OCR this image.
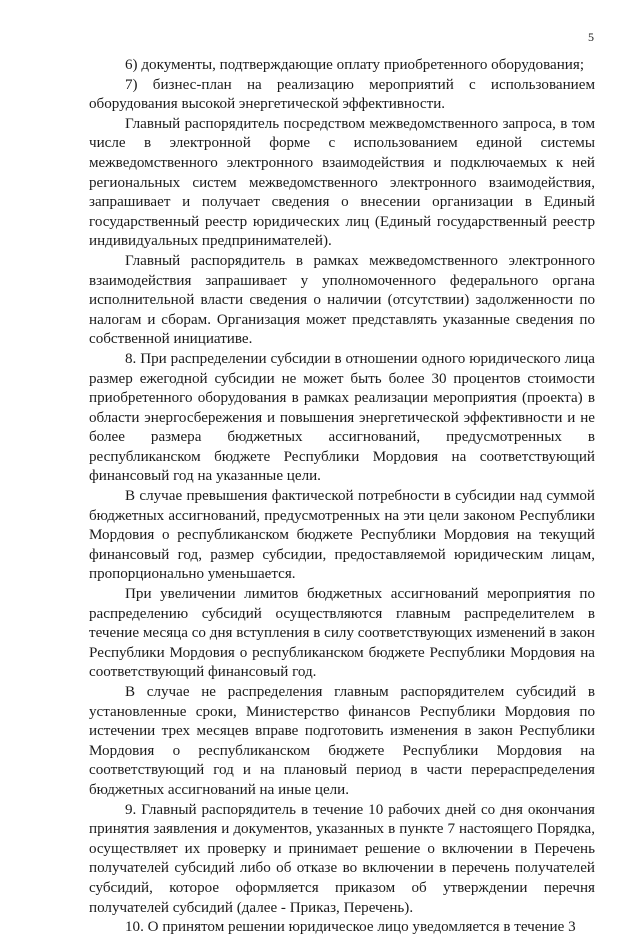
5

6) документы, подтверждающие оплату приобретенного оборудования;

7) бизнес-план на реализацию мероприятий с использованием оборудования высокой энергетической эффективности.

Главный распорядитель посредством межведомственного запроса, в том числе в электронной форме с использованием единой системы межведомственного электронного взаимодействия и подключаемых к ней региональных систем межведомственного электронного взаимодействия, запрашивает и получает сведения о внесении организации в Единый государственный реестр юридических лиц (Единый государственный реестр индивидуальных предпринимателей).

Главный распорядитель в рамках межведомственного электронного взаимодействия запрашивает у уполномоченного федерального органа исполнительной власти сведения о наличии (отсутствии) задолженности по налогам и сборам. Организация может представлять указанные сведения по собственной инициативе.

8. При распределении субсидии в отношении одного юридического лица размер ежегодной субсидии не может быть более 30 процентов стоимости приобретенного оборудования в рамках реализации мероприятия (проекта) в области энергосбережения и повышения энергетической эффективности и не более размера бюджетных ассигнований, предусмотренных в республиканском бюджете Республики Мордовия на соответствующий финансовый год на указанные цели.

В случае превышения фактической потребности в субсидии над суммой бюджетных ассигнований, предусмотренных на эти цели законом Республики Мордовия о республиканском бюджете Республики Мордовия на текущий финансовый год, размер субсидии, предоставляемой юридическим лицам, пропорционально уменьшается.

При увеличении лимитов бюджетных ассигнований мероприятия по распределению субсидий осуществляются главным распределителем в течение месяца со дня вступления в силу соответствующих изменений в закон Республики Мордовия о республиканском бюджете Республики Мордовия на соответствующий финансовый год.

В случае не распределения главным распорядителем субсидий в установленные сроки, Министерство финансов Республики Мордовия по истечении трех месяцев вправе подготовить изменения в закон Республики Мордовия о республиканском бюджете Республики Мордовия на соответствующий год и на плановый период в части перераспределения бюджетных ассигнований на иные цели.

9. Главный распорядитель в течение 10 рабочих дней со дня окончания принятия заявления и документов, указанных в пункте 7 настоящего Порядка, осуществляет их проверку и принимает решение о включении в Перечень получателей субсидий либо об отказе во включении в перечень получателей субсидий, которое оформляется приказом об утверждении перечня получателей субсидий (далее - Приказ, Перечень).

10. О принятом решении юридическое лицо уведомляется в течение 3
